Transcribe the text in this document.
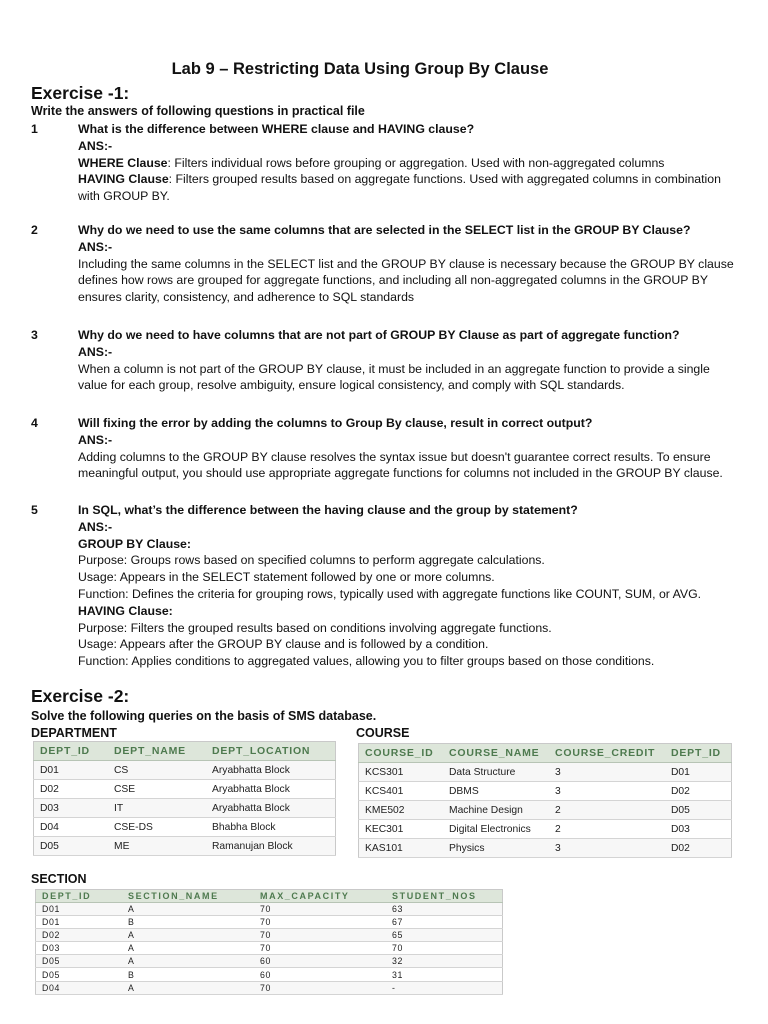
Lab 9 – Restricting Data Using Group By Clause
Exercise -1:
Write the answers of following questions in practical file
1	What is the difference between WHERE clause and HAVING clause?
ANS:-
WHERE Clause: Filters individual rows before grouping or aggregation. Used with non-aggregated columns
HAVING Clause: Filters grouped results based on aggregate functions. Used with aggregated columns in combination with GROUP BY.
2	Why do we need to use the same columns that are selected in the SELECT list in the GROUP BY Clause?
ANS:-
Including the same columns in the SELECT list and the GROUP BY clause is necessary because the GROUP BY clause defines how rows are grouped for aggregate functions, and including all non-aggregated columns in the GROUP BY ensures clarity, consistency, and adherence to SQL standards
3	Why do we need to have columns that are not part of GROUP BY Clause as part of aggregate function?
ANS:-
When a column is not part of the GROUP BY clause, it must be included in an aggregate function to provide a single value for each group, resolve ambiguity, ensure logical consistency, and comply with SQL standards.
4	Will fixing the error by adding the columns to Group By clause, result in correct output?
ANS:-
Adding columns to the GROUP BY clause resolves the syntax issue but doesn't guarantee correct results. To ensure meaningful output, you should use appropriate aggregate functions for columns not included in the GROUP BY clause.
5	In SQL, what’s the difference between the having clause and the group by statement?
ANS:-
GROUP BY Clause:
Purpose: Groups rows based on specified columns to perform aggregate calculations.
Usage: Appears in the SELECT statement followed by one or more columns.
Function: Defines the criteria for grouping rows, typically used with aggregate functions like COUNT, SUM, or AVG.
HAVING Clause:
Purpose: Filters the grouped results based on conditions involving aggregate functions.
Usage: Appears after the GROUP BY clause and is followed by a condition.
Function: Applies conditions to aggregated values, allowing you to filter groups based on those conditions.
Exercise -2:
Solve the following queries on the basis of SMS database.
DEPARTMENT	COURSE
DEPT_ID	DEPT_NAME	DEPT_LOCATION
D01	CS	Aryabhatta Block
D02	CSE	Aryabhatta Block
D03	IT	Aryabhatta Block
D04	CSE-DS	Bhabha Block
D05	ME	Ramanujan Block
COURSE_ID	COURSE_NAME	COURSE_CREDIT	DEPT_ID
KCS301	Data Structure	3	D01
KCS401	DBMS	3	D02
KME502	Machine Design	2	D05
KEC301	Digital Electronics	2	D03
KAS101	Physics	3	D02
SECTION
DEPT_ID	SECTION_NAME	MAX_CAPACITY	STUDENT_NOS
D01	A	70	63
D01	B	70	67
D02	A	70	65
D03	A	70	70
D05	A	60	32
D05	B	60	31
D04	A	70	-
